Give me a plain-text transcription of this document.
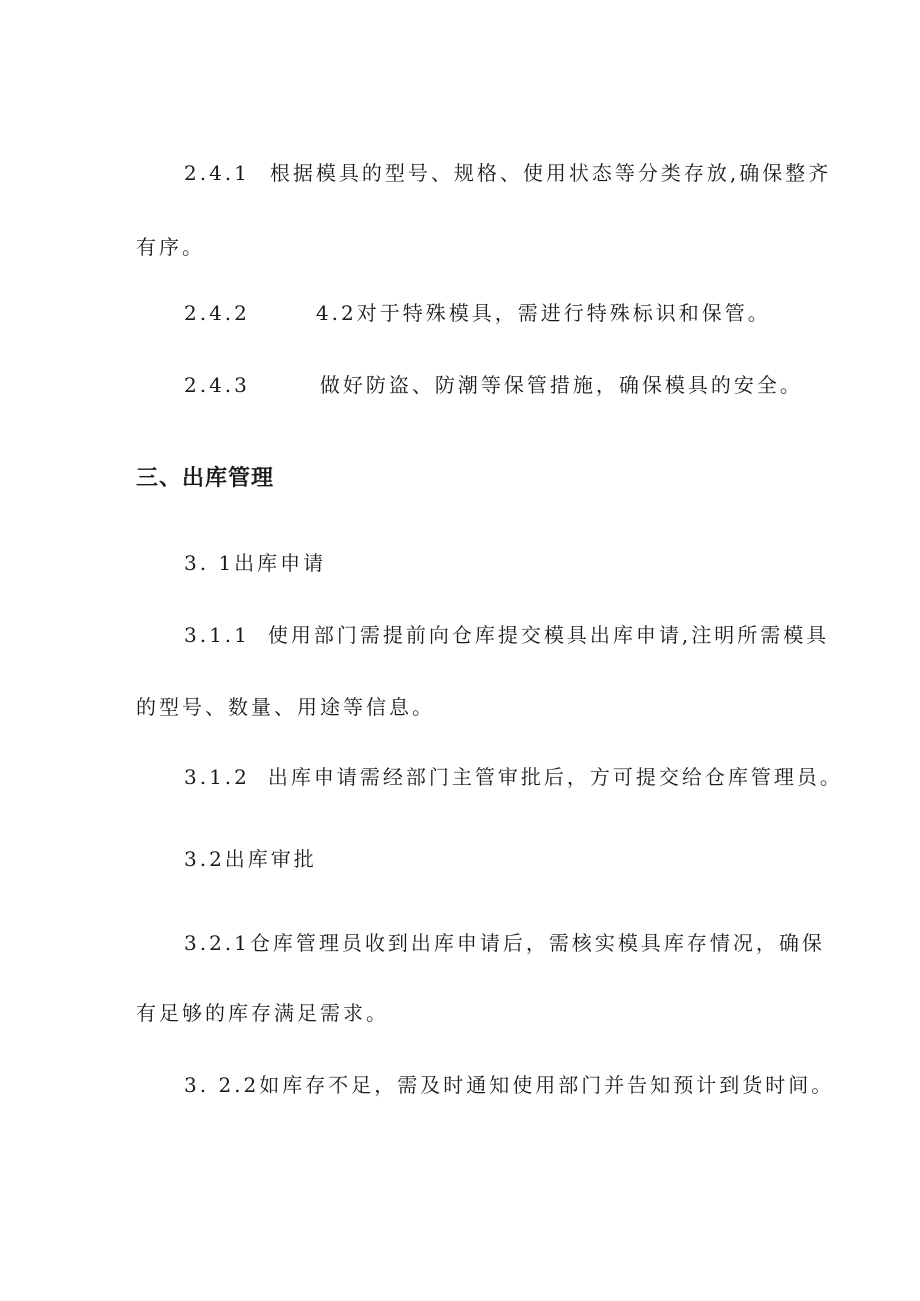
2.4.1 根据模具的型号、规格、使用状态等分类存放,确保整齐
有序。
2.4.2	4.2对于特殊模具，需进行特殊标识和保管。
2.4.3	做好防盗、防潮等保管措施，确保模具的安全。
三、出库管理
3. 1出库申请
3.1.1 使用部门需提前向仓库提交模具出库申请,注明所需模具
的型号、数量、用途等信息。
3.1.2 出库申请需经部门主管审批后，方可提交给仓库管理员。
3.2出库审批
3.2.1仓库管理员收到出库申请后，需核实模具库存情况，确保
有足够的库存满足需求。
3. 2.2如库存不足，需及时通知使用部门并告知预计到货时间。
